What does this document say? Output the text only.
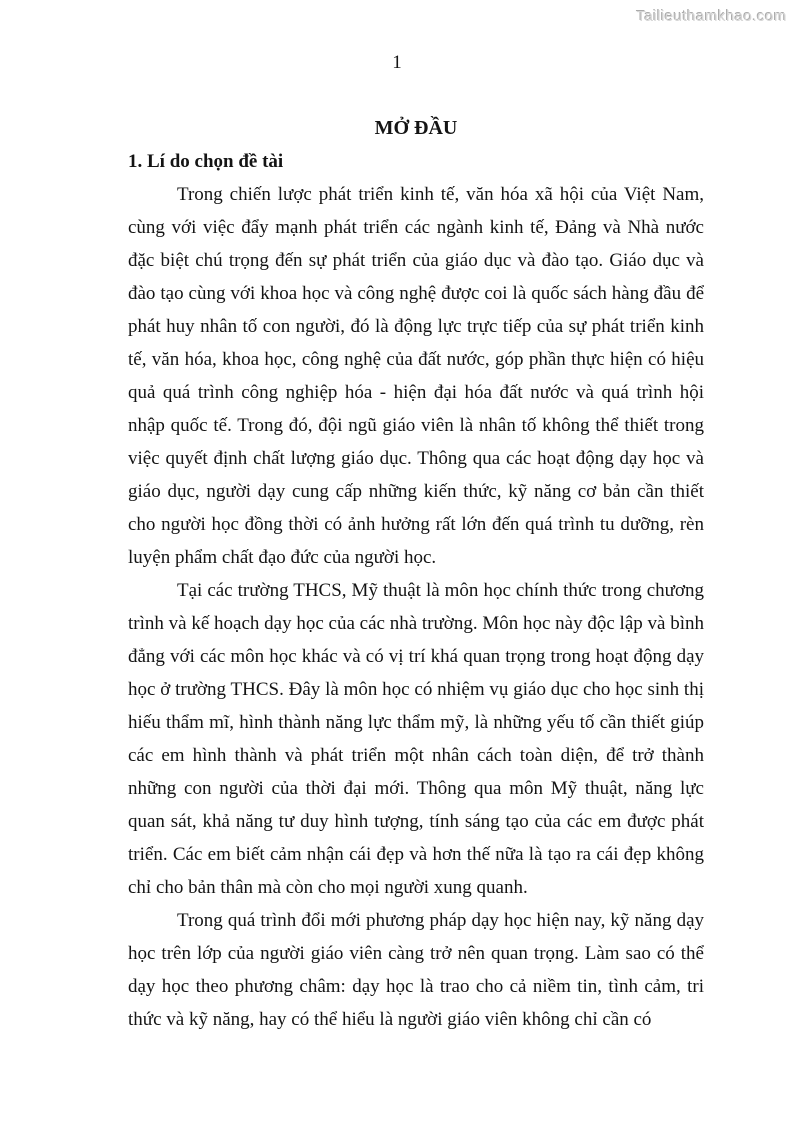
Tailieuthamkhao.com
1
MỞ ĐẦU
1. Lí do chọn đề tài

Trong chiến lược phát triển kinh tế, văn hóa xã hội của Việt Nam, cùng với việc đẩy mạnh phát triển các ngành kinh tế, Đảng và Nhà nước đặc biệt chú trọng đến sự phát triển của giáo dục và đào tạo. Giáo dục và đào tạo cùng với khoa học và công nghệ được coi là quốc sách hàng đầu để phát huy nhân tố con người, đó là động lực trực tiếp của sự phát triển kinh tế, văn hóa, khoa học, công nghệ của đất nước, góp phần thực hiện có hiệu quả quá trình công nghiệp hóa - hiện đại hóa đất nước và quá trình hội nhập quốc tế. Trong đó, đội ngũ giáo viên là nhân tố không thể thiết trong việc quyết định chất lượng giáo dục. Thông qua các hoạt động dạy học và giáo dục, người dạy cung cấp những kiến thức, kỹ năng cơ bản cần thiết cho người học đồng thời có ảnh hưởng rất lớn đến quá trình tu dưỡng, rèn luyện phẩm chất đạo đức của người học.

Tại các trường THCS, Mỹ thuật là môn học chính thức trong chương trình và kế hoạch dạy học của các nhà trường. Môn học này độc lập và bình đẳng với các môn học khác và có vị trí khá quan trọng trong hoạt động dạy học ở trường THCS. Đây là môn học có nhiệm vụ giáo dục cho học sinh thị hiếu thẩm mĩ, hình thành năng lực thẩm mỹ, là những yếu tố cần thiết giúp các em hình thành và phát triển một nhân cách toàn diện, để trở thành những con người của thời đại mới. Thông qua môn Mỹ thuật, năng lực quan sát, khả năng tư duy hình tượng, tính sáng tạo của các em được phát triển. Các em biết cảm nhận cái đẹp và hơn thế nữa là tạo ra cái đẹp không chỉ cho bản thân mà còn cho mọi người xung quanh.

Trong quá trình đổi mới phương pháp dạy học hiện nay, kỹ năng dạy học trên lớp của người giáo viên càng trở nên quan trọng. Làm sao có thể dạy học theo phương châm: dạy học là trao cho cả niềm tin, tình cảm, tri thức và kỹ năng, hay có thể hiểu là người giáo viên không chỉ cần có
